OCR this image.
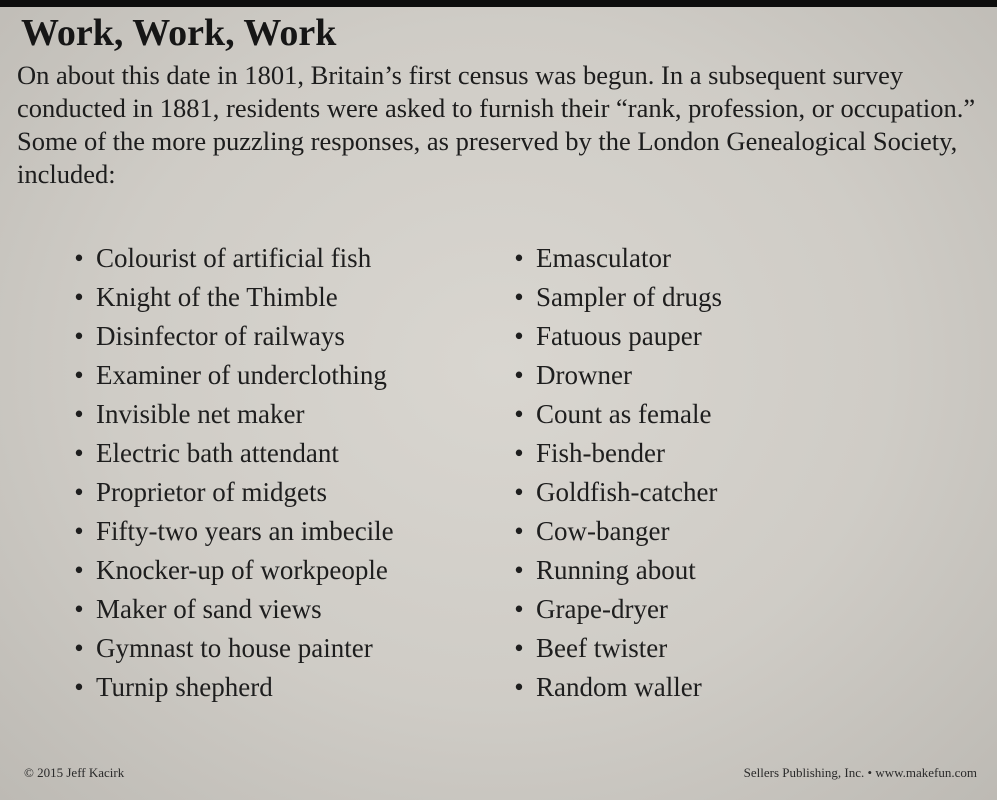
Work, Work, Work

On about this date in 1801, Britain’s first census was begun. In a subsequent survey conducted in 1881, residents were asked to furnish their “rank, profession, or occupation.” Some of the more puzzling responses, as preserved by the London Genealogical Society, included:

• Colourist of artificial fish
• Knight of the Thimble
• Disinfector of railways
• Examiner of underclothing
• Invisible net maker
• Electric bath attendant
• Proprietor of midgets
• Fifty-two years an imbecile
• Knocker-up of workpeople
• Maker of sand views
• Gymnast to house painter
• Turnip shepherd
• Emasculator
• Sampler of drugs
• Fatuous pauper
• Drowner
• Count as female
• Fish-bender
• Goldfish-catcher
• Cow-banger
• Running about
• Grape-dryer
• Beef twister
• Random waller
© 2015 Jeff Kacirk	Sellers Publishing, Inc. • www.makefun.com
